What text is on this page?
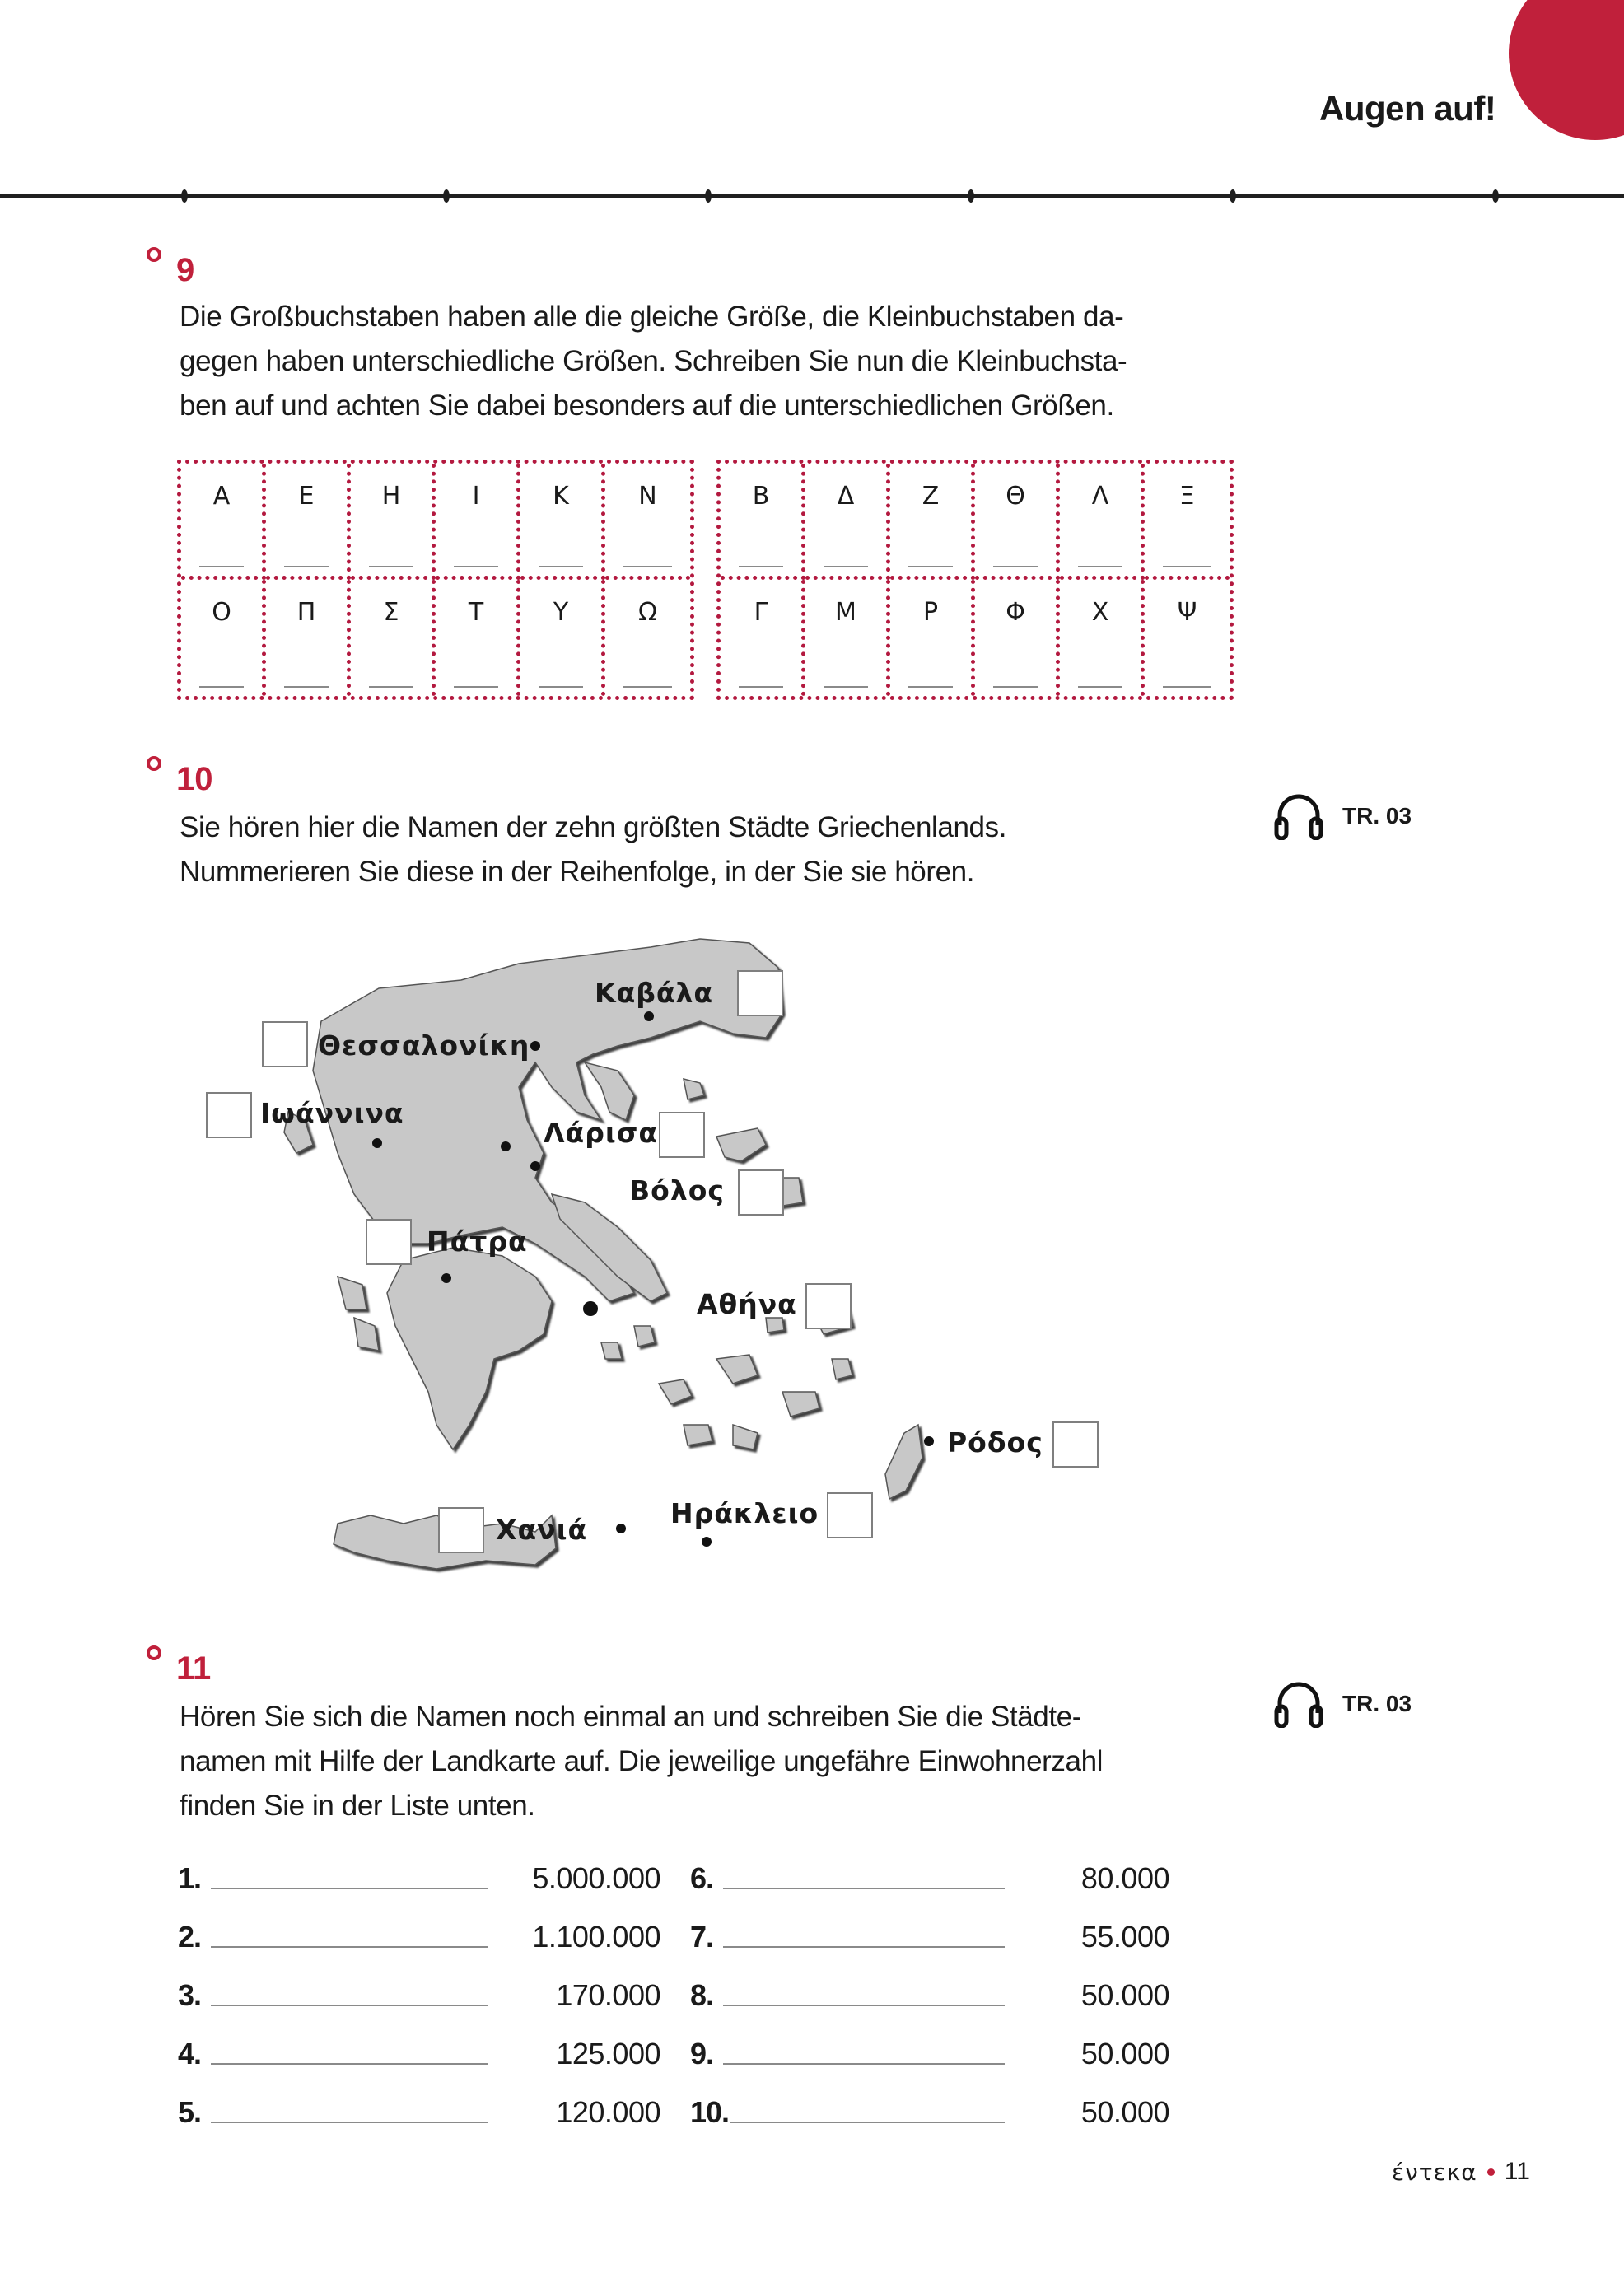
Augen auf!
9
Die Großbuchstaben haben alle die gleiche Größe, die Kleinbuchstaben da-
gegen haben unterschiedliche Größen. Schreiben Sie nun die Kleinbuchsta-
ben auf und achten Sie dabei besonders auf die unterschiedlichen Größen.
Α	Ε	Η	Ι	Κ	Ν
Ο	Π	Σ	Τ	Υ	Ω
Β	Δ	Ζ	Θ	Λ	Ξ
Γ	Μ	Ρ	Φ	Χ	Ψ
10
Sie hören hier die Namen der zehn größten Städte Griechenlands.
Nummerieren Sie diese in der Reihenfolge, in der Sie sie hören.
TR. 03
Καβάλα
Θεσσαλονίκη
Ιωάννινα
Λάρισα
Βόλος
Πάτρα
Αθήνα
Ρόδος
Χανιά
Ηράκλειο
11
Hören Sie sich die Namen noch einmal an und schreiben Sie die Städte-
namen mit Hilfe der Landkarte auf. Die jeweilige ungefähre Einwohnerzahl
finden Sie in der Liste unten.
TR. 03
1.	5.000.000
2.	1.100.000
3.	170.000
4.	125.000
5.	120.000
6.	80.000
7.	55.000
8.	50.000
9.	50.000
10.	50.000
έντεκα 11
